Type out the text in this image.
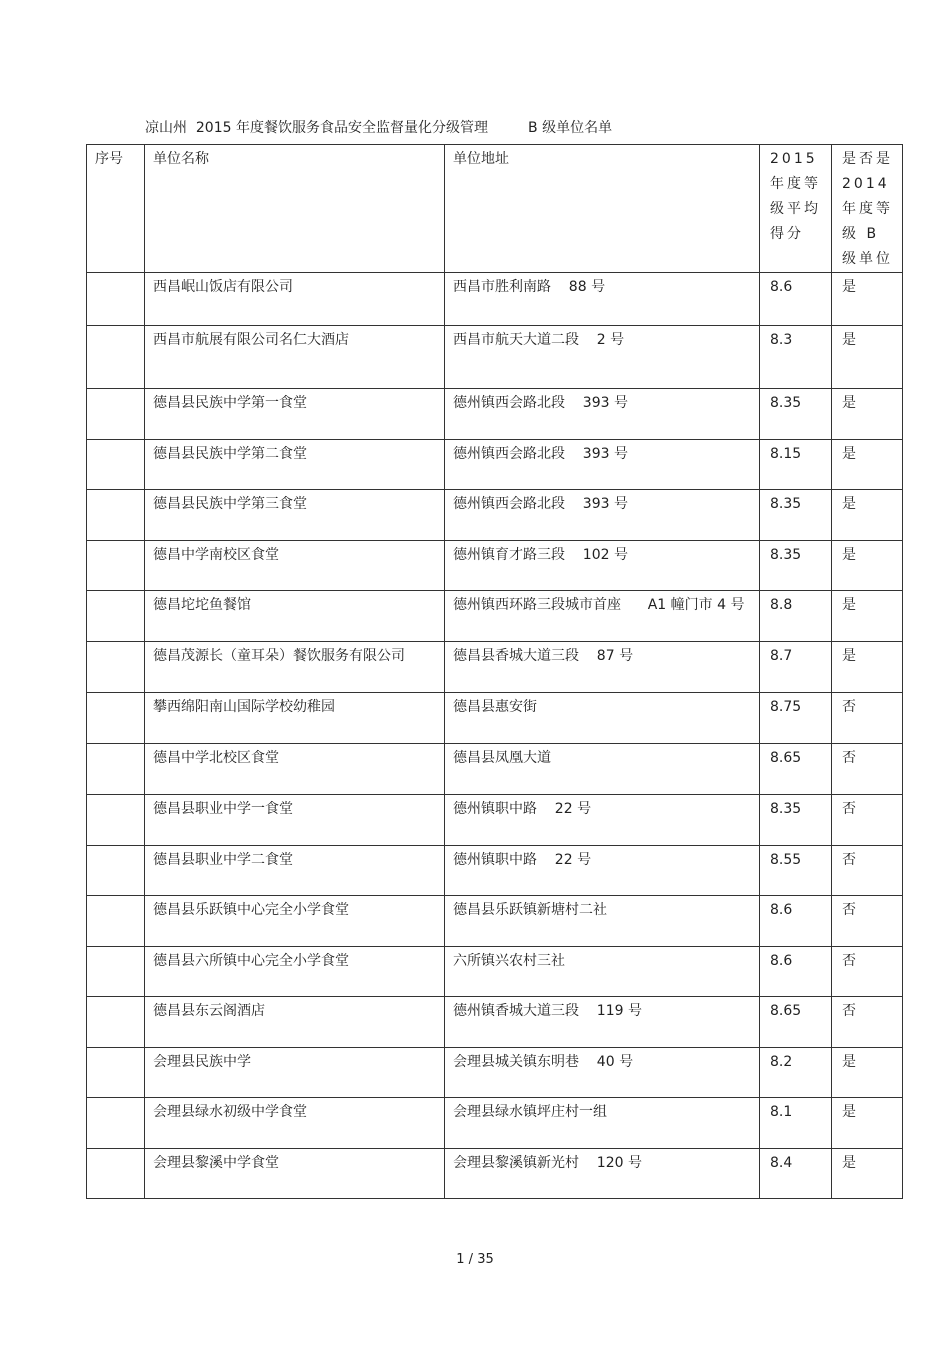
凉山州  2015 年度餐饮服务食品安全监督量化分级管理         B 级单位名单
序号	单位名称	单位地址	2015 年度等级平均得分	是否是 2014 年度等级 B 级单位
	西昌岷山饭店有限公司	西昌市胜利南路    88 号	8.6	是
	西昌市航展有限公司名仁大酒店	西昌市航天大道二段    2 号	8.3	是
	德昌县民族中学第一食堂	德州镇西会路北段    393 号	8.35	是
	德昌县民族中学第二食堂	德州镇西会路北段    393 号	8.15	是
	德昌县民族中学第三食堂	德州镇西会路北段    393 号	8.35	是
	德昌中学南校区食堂	德州镇育才路三段    102 号	8.35	是
	德昌坨坨鱼餐馆	德州镇西环路三段城市首座      A1 幢门市 4 号	8.8	是
	德昌茂源长（童耳朵）餐饮服务有限公司	德昌县香城大道三段    87 号	8.7	是
	攀西绵阳南山国际学校幼稚园	德昌县惠安街	8.75	否
	德昌中学北校区食堂	德昌县凤凰大道	8.65	否
	德昌县职业中学一食堂	德州镇职中路    22 号	8.35	否
	德昌县职业中学二食堂	德州镇职中路    22 号	8.55	否
	德昌县乐跃镇中心完全小学食堂	德昌县乐跃镇新塘村二社	8.6	否
	德昌县六所镇中心完全小学食堂	六所镇兴农村三社	8.6	否
	德昌县东云阁酒店	德州镇香城大道三段    119 号	8.65	否
	会理县民族中学	会理县城关镇东明巷    40 号	8.2	是
	会理县绿水初级中学食堂	会理县绿水镇坪庄村一组	8.1	是
	会理县黎溪中学食堂	会理县黎溪镇新光村    120 号	8.4	是
1 / 35
